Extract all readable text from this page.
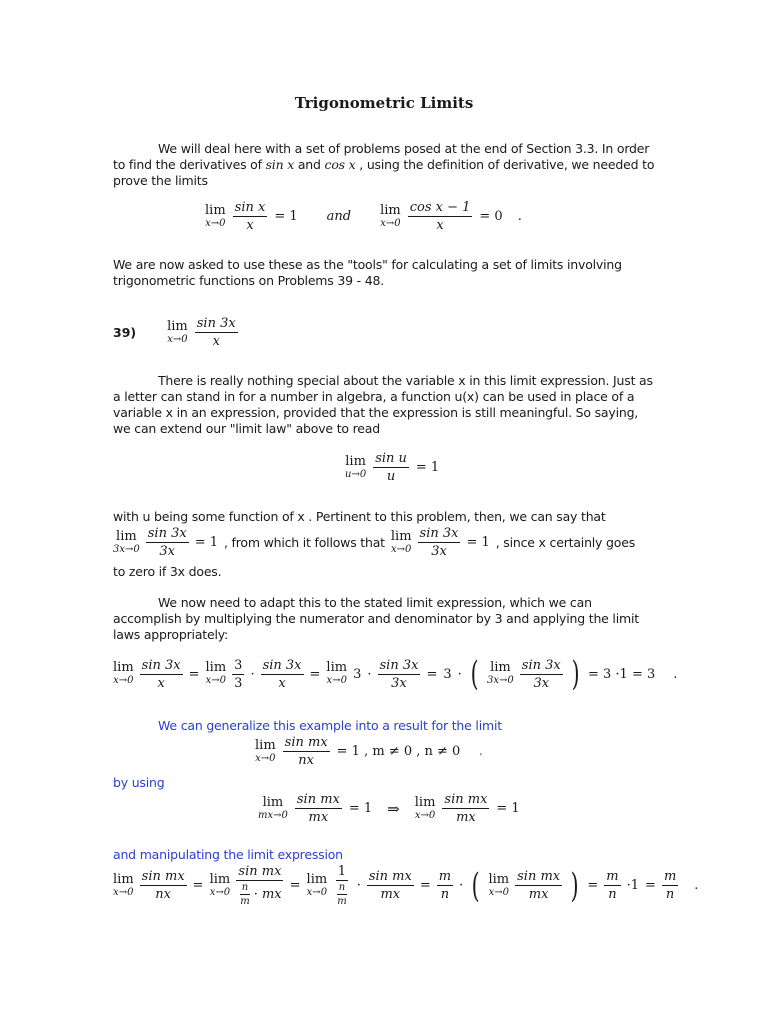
Trigonometric Limits
We will deal here with a set of problems posed at the end of Section 3.3. In order to find the derivatives of sin x and cos x , using the definition of derivative, we needed to prove the limits
lim
$x\to 0 \frac{\text{sin x}}{x} = 1$ and lim
$x\to 0 \frac{\text{cos x − 1}}{x} = 0$ .
We are now asked to use these as the "tools" for calculating a set of limits involving trigonometric functions on Problems 39 - 48.
39) lim
$x\to 0 \frac{\sin 3x}{x}$
There is really nothing special about the variable x in this limit expression. Just as a letter can stand in for a number in algebra, a function u(x) can be used in place of a variable x in an expression, provided that the expression is still meaningful. So saying, we can extend our "limit law" above to read
lim
$u\to 0 \frac{\text{sin u}}{u} = 1$
with u being some function of x . Pertinent to this problem, then, we can say that
lim
$3x\to 0 \frac{\sin 3x}{3x} = 1$ , from which it follows that lim
$x\to 0 \frac{\sin 3x}{3x} = 1$ , since x certainly goes
to zero if 3x does.
We now need to adapt this to the stated limit expression, which we can accomplish by multiplying the numerator and denominator by 3 and applying the limit laws appropriately:
lim
$x\to 0 \frac{\sin 3x}{x} = \lim$
$x\to 0 \frac{3}{3} \cdot \frac{\sin 3x}{x} = \lim$
x→0 $3 \cdot \frac{\sin 3x}{3x} = 3$ · ( lim
$3x\to 0 \frac{\sin 3x}{3x}$ ) = 3 ·1 = 3 .
We can generalize this example into a result for the limit
lim
$x\to 0 \frac{\text{sin mx}}{nx} = 1$ , m ≠ 0 , n ≠ 0 ,
by using
lim
$mx\to 0 \frac{\text{sin mx}}{mx} = 1$ ⇒ lim
$x\to 0 \frac{\text{sin mx}}{mx} = 1$
and manipulating the limit expression
lim
$x\to 0 \frac{\text{sin mx}}{nx} = \lim$
$x\to 0 \frac{\text{sin mx}}{\frac{n}{m} \cdot mx} = \lim$
$x\to 0 \frac{1}{\frac{n}{m}} \cdot \frac{\text{sin mx}}{mx} = \frac{m}{n}$ · ( lim
$x\to 0 \frac{\text{sin mx}}{mx}$ ) = $\frac{m}{n} \cdot 1 = \frac{m}{n}$ .
